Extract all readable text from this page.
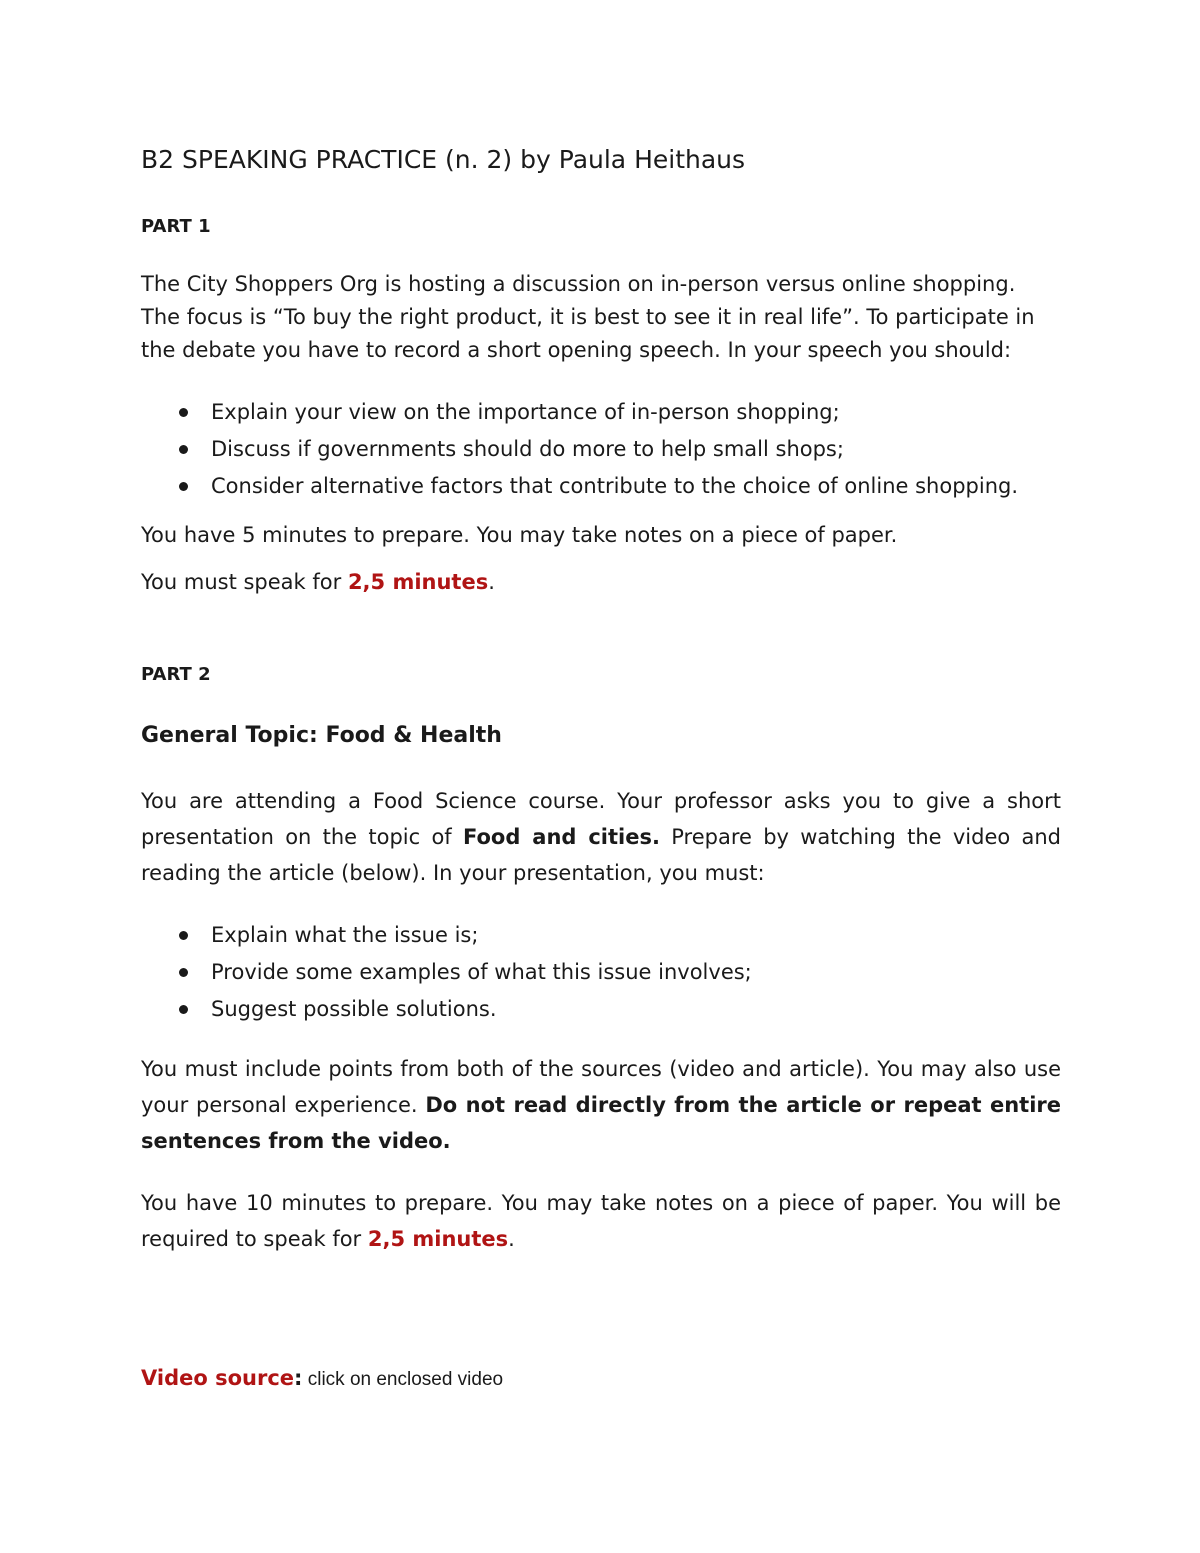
B2 SPEAKING PRACTICE (n. 2) by Paula Heithaus

PART 1

The City Shoppers Org is hosting a discussion on in-person versus online shopping. The focus is “To buy the right product, it is best to see it in real life”. To participate in the debate you have to record a short opening speech. In your speech you should:

Explain your view on the importance of in-person shopping;
Discuss if governments should do more to help small shops;
Consider alternative factors that contribute to the choice of online shopping.

You have 5 minutes to prepare. You may take notes on a piece of paper.

You must speak for 2,5 minutes.

PART 2

General Topic: Food & Health

You are attending a Food Science course. Your professor asks you to give a short presentation on the topic of Food and cities. Prepare by watching the video and reading the article (below). In your presentation, you must:

Explain what the issue is;
Provide some examples of what this issue involves;
Suggest possible solutions.

You must include points from both of the sources (video and article). You may also use your personal experience. Do not read directly from the article or repeat entire sentences from the video.

You have 10 minutes to prepare. You may take notes on a piece of paper. You will be required to speak for 2,5 minutes.

Video source: click on enclosed video
